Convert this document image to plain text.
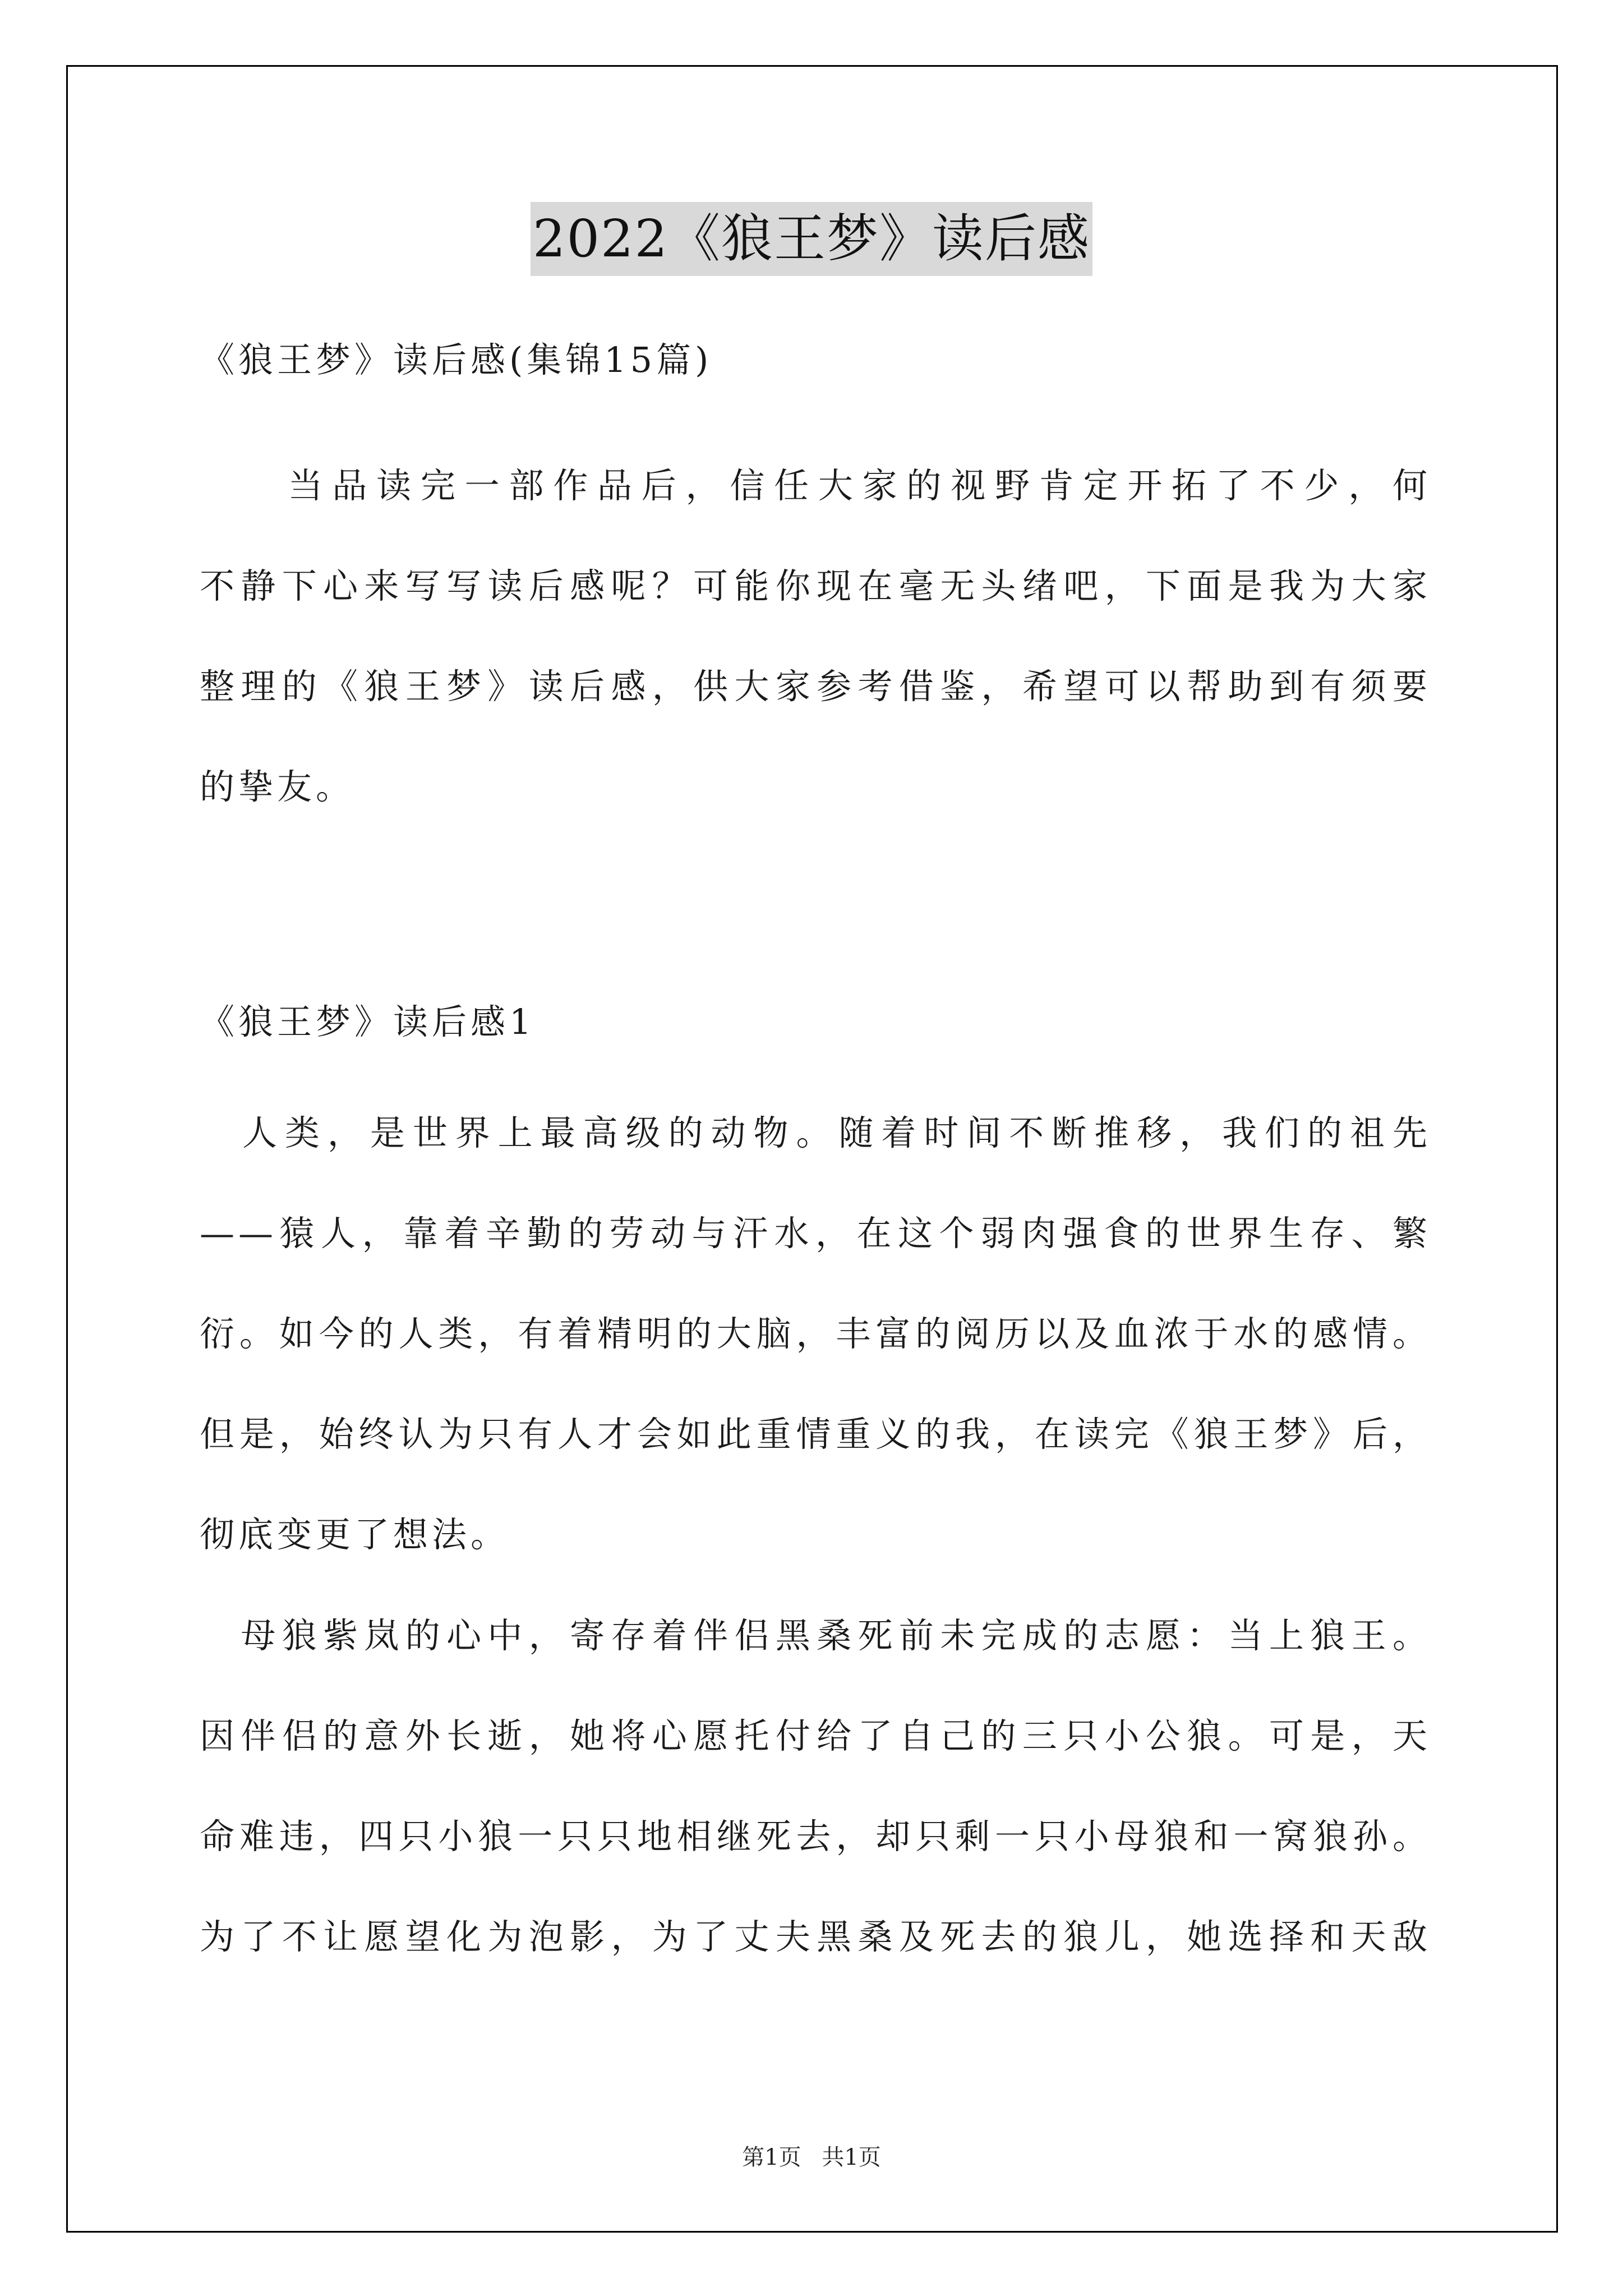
2022《狼王梦》读后感

《狼王梦》读后感(集锦15篇)

　　当品读完一部作品后，信任大家的视野肯定开拓了不少，何
不静下心来写写读后感呢？可能你现在毫无头绪吧，下面是我为大家
整理的《狼王梦》读后感，供大家参考借鉴，希望可以帮助到有须要
的挚友。

《狼王梦》读后感1

　人类，是世界上最高级的动物。随着时间不断推移，我们的祖先
——猿人，靠着辛勤的劳动与汗水，在这个弱肉强食的世界生存、繁
衍。如今的人类，有着精明的大脑，丰富的阅历以及血浓于水的感情。
但是，始终认为只有人才会如此重情重义的我，在读完《狼王梦》后，
彻底变更了想法。
　母狼紫岚的心中，寄存着伴侣黑桑死前未完成的志愿：当上狼王。
因伴侣的意外长逝，她将心愿托付给了自己的三只小公狼。可是，天
命难违，四只小狼一只只地相继死去，却只剩一只小母狼和一窝狼孙。
为了不让愿望化为泡影，为了丈夫黑桑及死去的狼儿，她选择和天敌
第1页 共1页
